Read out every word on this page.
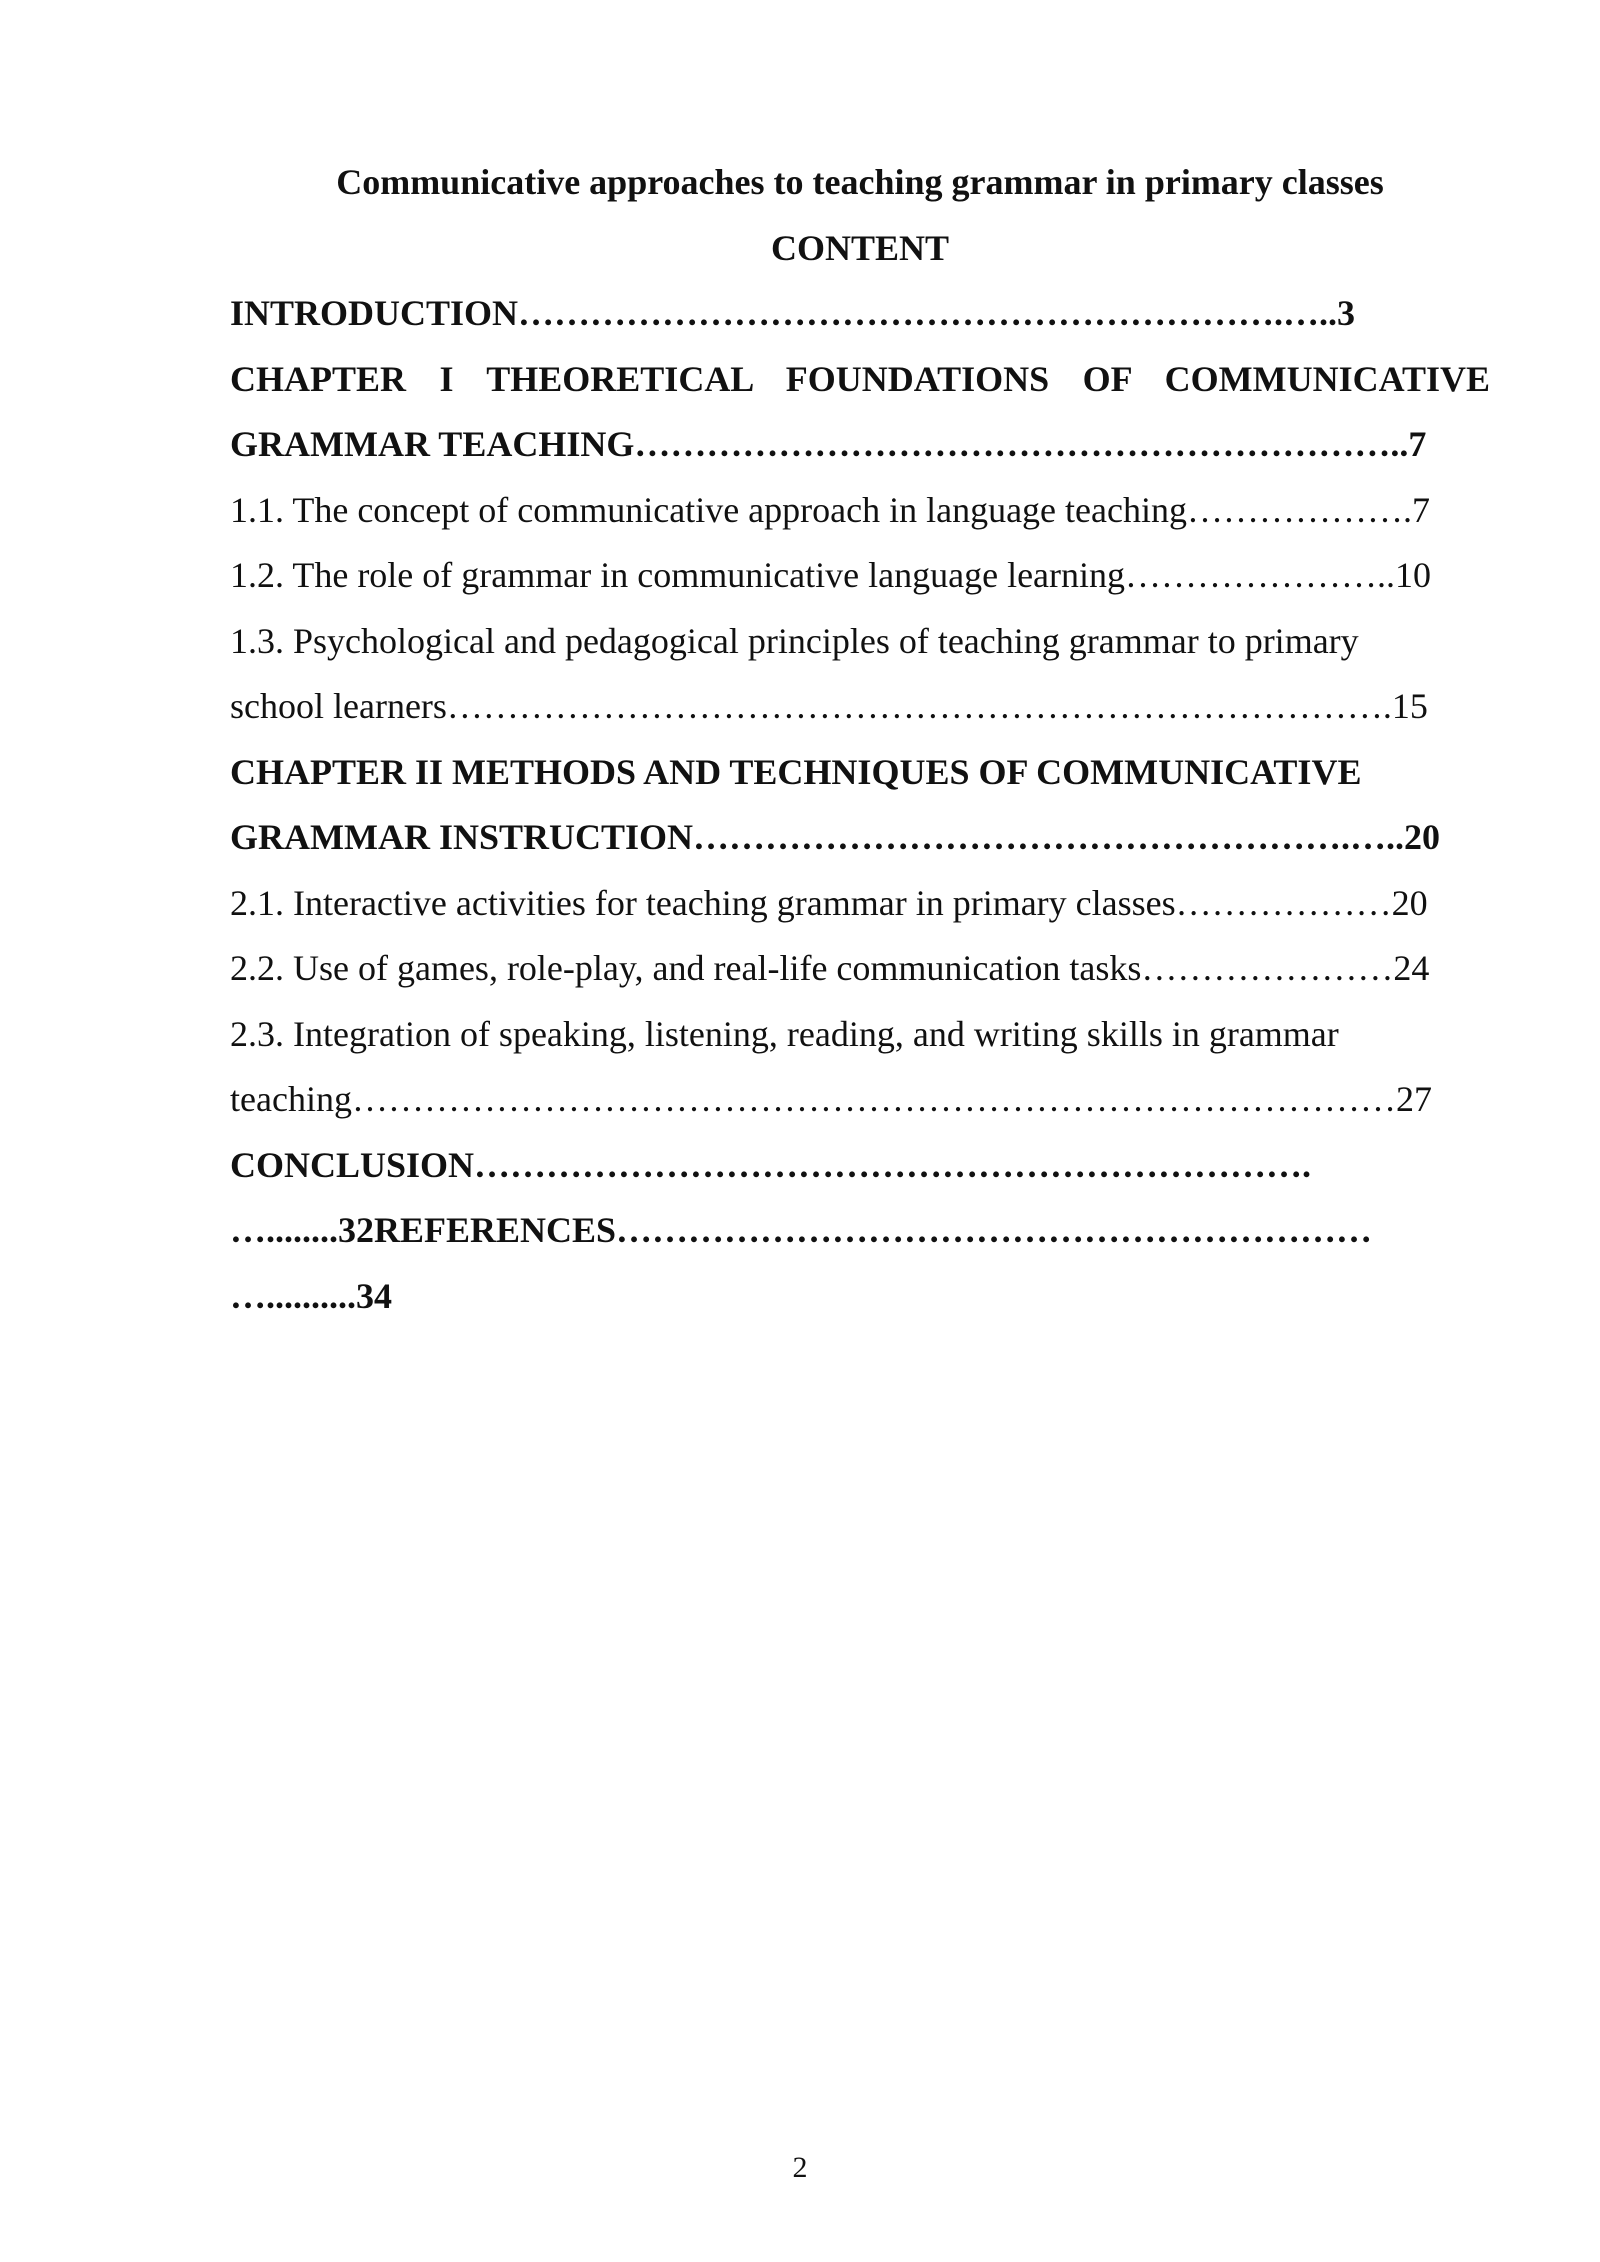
Communicative approaches to teaching grammar in primary classes
CONTENT
INTRODUCTION……………………………………………………….…..3
CHAPTER I THEORETICAL FOUNDATIONS OF COMMUNICATIVE
GRAMMAR TEACHING………………………………………………………..7
1.1. The concept of communicative approach in language teaching……………….7
1.2. The role of grammar in communicative language learning…………………..10
1.3. Psychological and pedagogical principles of teaching grammar to primary
school learners…………………………………………………………………….15
CHAPTER II METHODS AND TECHNIQUES OF COMMUNICATIVE
GRAMMAR INSTRUCTION……………………………………………….…..20
2.1. Interactive activities for teaching grammar in primary classes………………20
2.2. Use of games, role-play, and real-life communication tasks…………………24
2.3. Integration of speaking, listening, reading, and writing skills in grammar
teaching……………………………………………………………………………27
CONCLUSION…………………………………………………………….
…........32REFERENCES………………………………………………………
…..........34
2
